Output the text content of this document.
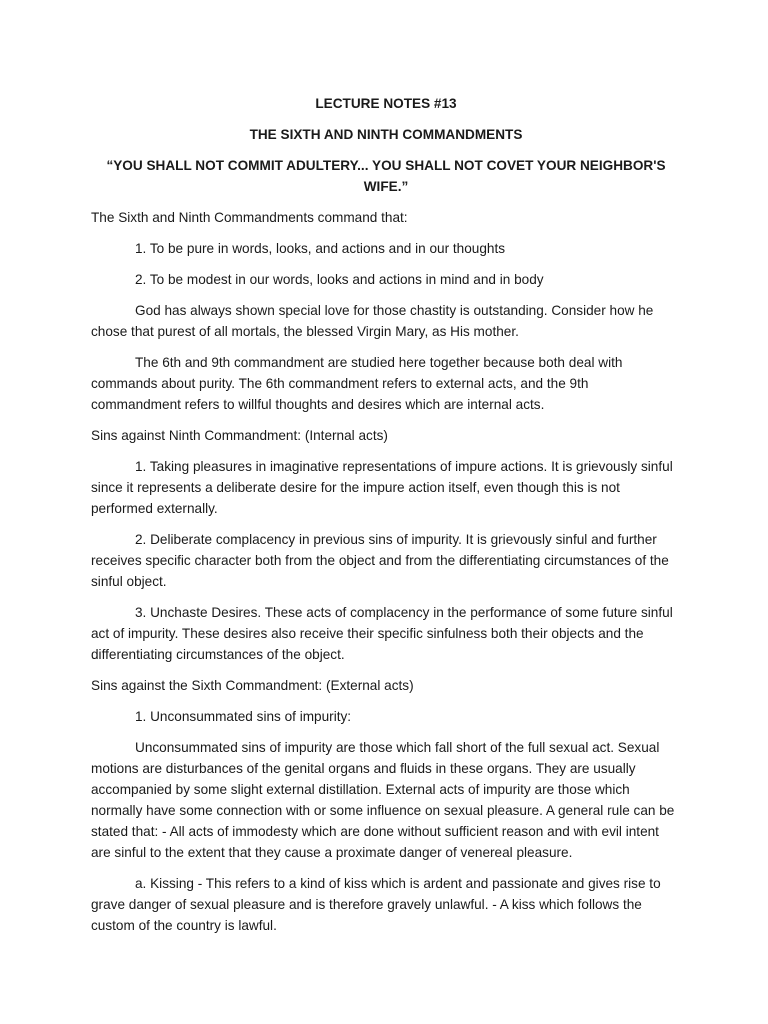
LECTURE NOTES #13

THE SIXTH AND NINTH COMMANDMENTS

“YOU SHALL NOT COMMIT ADULTERY... YOU SHALL NOT COVET YOUR NEIGHBOR'S WIFE.”

The Sixth and Ninth Commandments command that:

1. To be pure in words, looks, and actions and in our thoughts

2. To be modest in our words, looks and actions in mind and in body

God has always shown special love for those chastity is outstanding. Consider how he chose that purest of all mortals, the blessed Virgin Mary, as His mother.

The 6th and 9th commandment are studied here together because both deal with commands about purity. The 6th commandment refers to external acts, and the 9th commandment refers to willful thoughts and desires which are internal acts.

Sins against Ninth Commandment: (Internal acts)

1. Taking pleasures in imaginative representations of impure actions. It is grievously sinful since it represents a deliberate desire for the impure action itself, even though this is not performed externally.

2. Deliberate complacency in previous sins of impurity. It is grievously sinful and further receives specific character both from the object and from the differentiating circumstances of the sinful object.

3. Unchaste Desires. These acts of complacency in the performance of some future sinful act of impurity. These desires also receive their specific sinfulness both their objects and the differentiating circumstances of the object.

Sins against the Sixth Commandment: (External acts)

1. Unconsummated sins of impurity:

Unconsummated sins of impurity are those which fall short of the full sexual act. Sexual motions are disturbances of the genital organs and fluids in these organs. They are usually accompanied by some slight external distillation. External acts of impurity are those which normally have some connection with or some influence on sexual pleasure. A general rule can be stated that: - All acts of immodesty which are done without sufficient reason and with evil intent are sinful to the extent that they cause a proximate danger of venereal pleasure.

a. Kissing - This refers to a kind of kiss which is ardent and passionate and gives rise to grave danger of sexual pleasure and is therefore gravely unlawful. - A kiss which follows the custom of the country is lawful.
